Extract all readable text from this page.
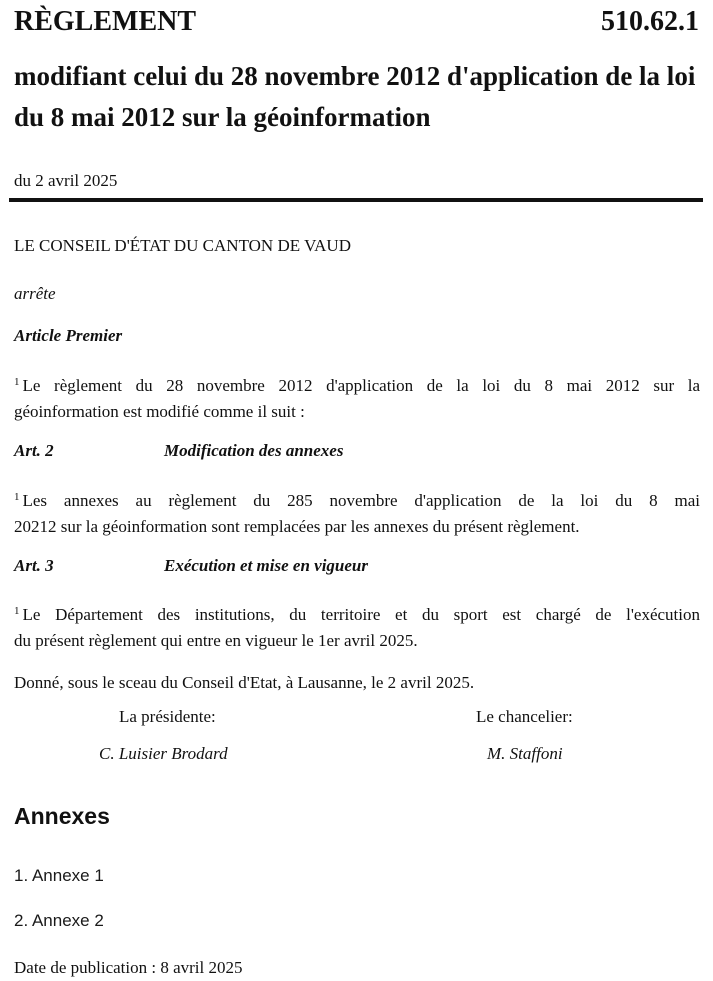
RÈGLEMENT	510.62.1
modifiant celui du 28 novembre 2012 d'application de la loi du 8 mai 2012 sur la géoinformation
du 2 avril 2025
LE CONSEIL D'ÉTAT DU CANTON DE VAUD
arrête
Article Premier
$^1$ Le règlement du 28 novembre 2012 d'application de la loi du 8 mai 2012 sur la
géoinformation est modifié comme il suit :
Art. 2	Modification des annexes
$^1$ Les annexes au règlement du 285 novembre d'application de la loi du 8 mai
20212 sur la géoinformation sont remplacées par les annexes du présent règlement.
Art. 3	Exécution et mise en vigueur
$^1$ Le Département des institutions, du territoire et du sport est chargé de l'exécution
du présent règlement qui entre en vigueur le 1er avril 2025.
Donné, sous le sceau du Conseil d'Etat, à Lausanne, le 2 avril 2025.
La présidente:
C. Luisier Brodard
Le chancelier:
M. Staffoni
Annexes
1. Annexe 1
2. Annexe 2
Date de publication : 8 avril 2025
